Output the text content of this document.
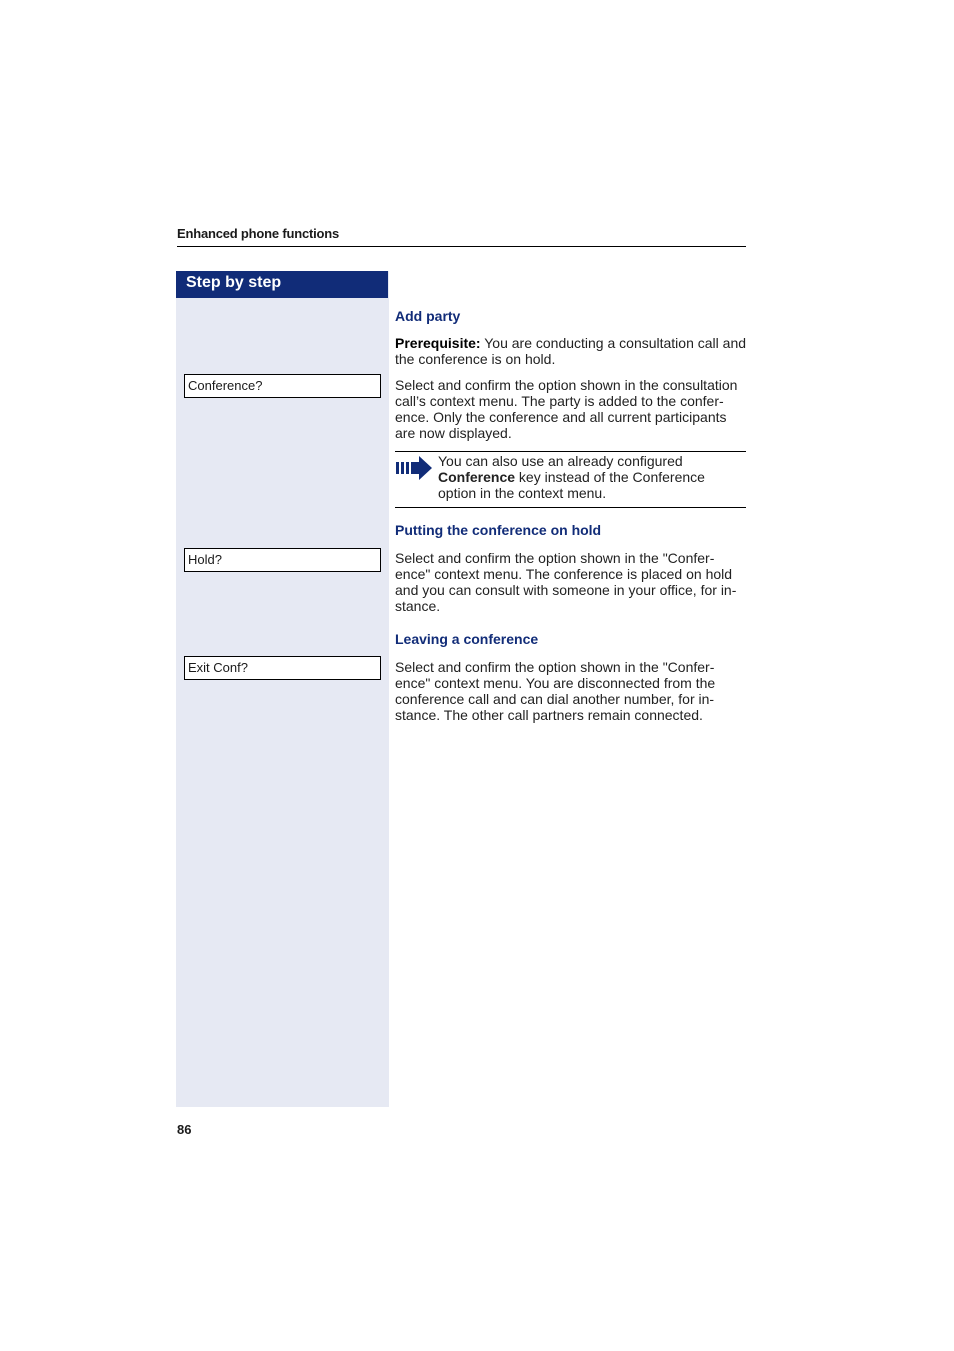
Enhanced phone functions
Step by step
Conference?
Hold?
Exit Conf?
Add party
Prerequisite: You are conducting a consultation call and the conference is on hold.
Select and confirm the option shown in the consultation call’s context menu. The party is added to the confer-ence. Only the conference and all current participants are now displayed.
You can also use an already configured Conference key instead of the Conference option in the context menu.
Putting the conference on hold
Select and confirm the option shown in the "Confer-ence" context menu. The conference is placed on hold and you can consult with someone in your office, for in-stance.
Leaving a conference
Select and confirm the option shown in the "Confer-ence" context menu. You are disconnected from the conference call and can dial another number, for in-stance. The other call partners remain connected.
86
